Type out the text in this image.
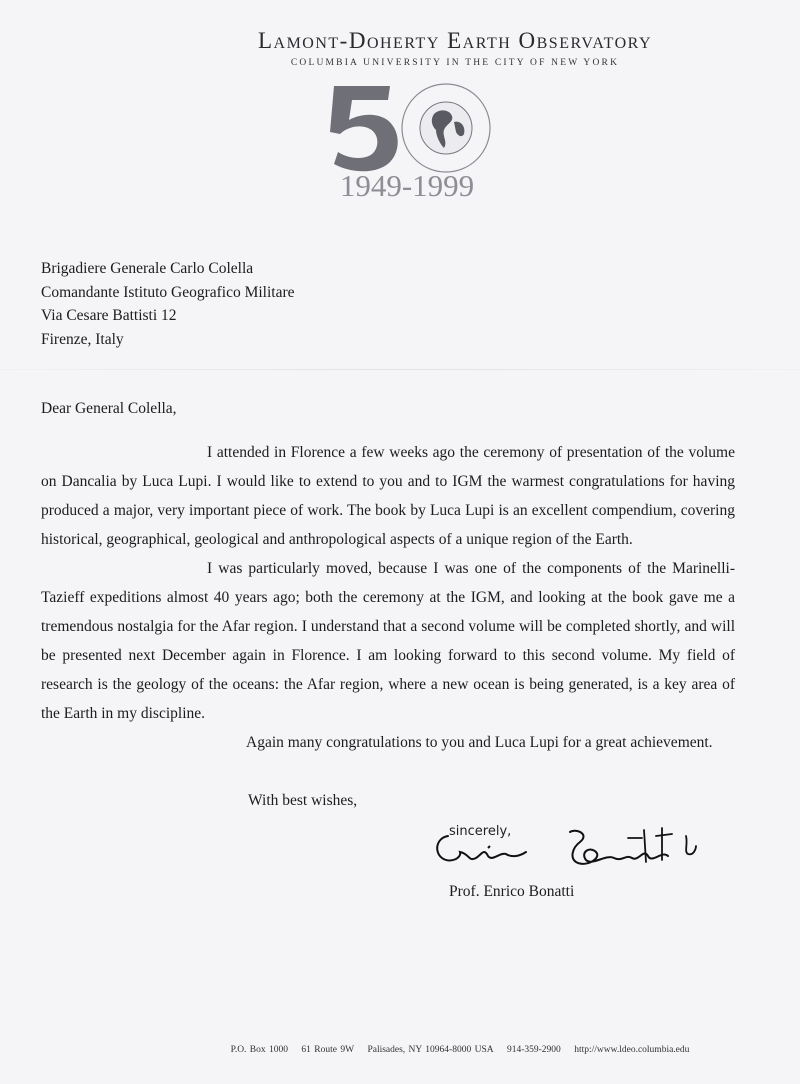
Lamont-Doherty Earth Observatory
COLUMBIA UNIVERSITY IN THE CITY OF NEW YORK
1949-1999
Brigadiere Generale Carlo Colella
Comandante Istituto Geografico Militare
Via Cesare Battisti 12
Firenze, Italy
Dear General Colella,

I attended in Florence a few weeks ago the ceremony of presentation of the volume on Dancalia by Luca Lupi. I would like to extend to you and to IGM the warmest congratulations for having produced a major, very important piece of work. The book by Luca Lupi is an excellent compendium, covering historical, geographical, geological and anthropological aspects of a unique region of the Earth.

I was particularly moved, because I was one of the components of the Marinelli-Tazieff expeditions almost 40 years ago; both the ceremony at the IGM, and looking at the book gave me a tremendous nostalgia for the Afar region. I understand that a second volume will be completed shortly, and will be presented next December again in Florence. I am looking forward to this second volume. My field of research is the geology of the oceans: the Afar region, where a new ocean is being generated, is a key area of the Earth in my discipline.

Again many congratulations to you and Luca Lupi for a great achievement.

With best wishes,
sincerely,
Prof. Enrico Bonatti
P.O. Box 1000 61 Route 9W Palisades, NY 10964-8000 USA 914-359-2900 http://www.ldeo.columbia.edu
